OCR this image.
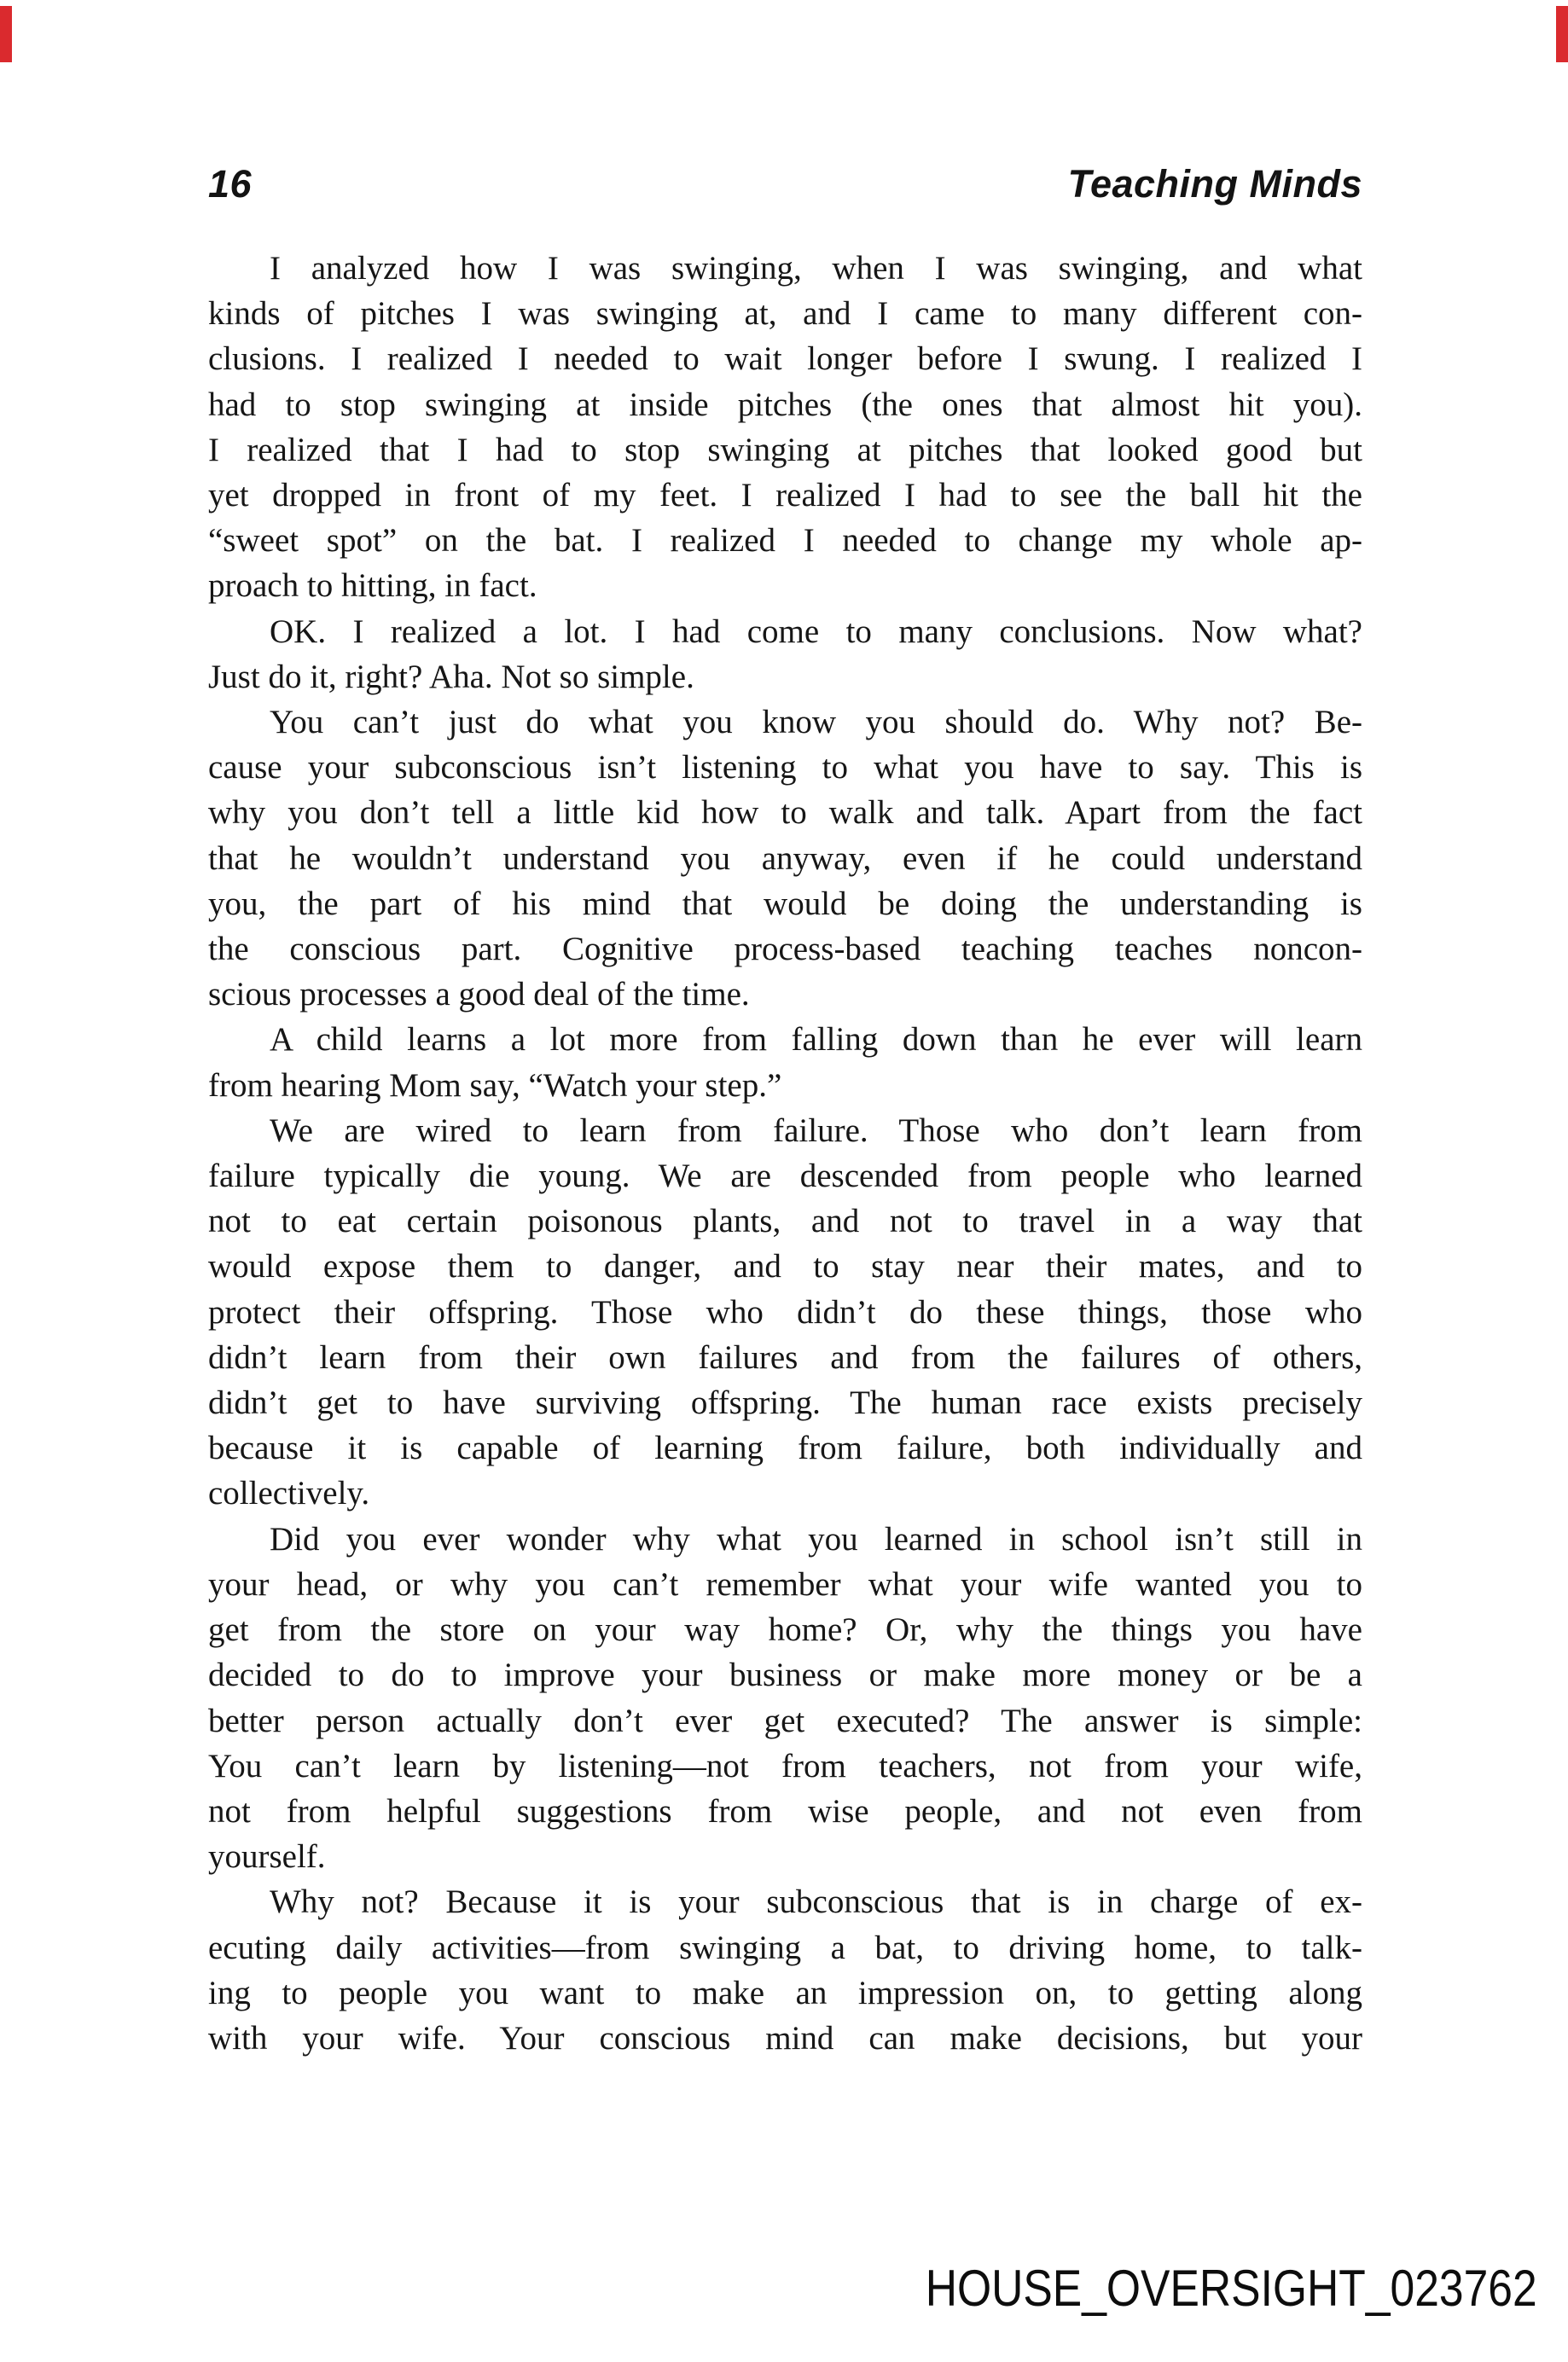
16	Teaching Minds
I analyzed how I was swinging, when I was swinging, and what
kinds of pitches I was swinging at, and I came to many different con-
clusions. I realized I needed to wait longer before I swung. I realized I
had to stop swinging at inside pitches (the ones that almost hit you).
I realized that I had to stop swinging at pitches that looked good but
yet dropped in front of my feet. I realized I had to see the ball hit the
“sweet spot” on the bat. I realized I needed to change my whole ap-
proach to hitting, in fact.
OK. I realized a lot. I had come to many conclusions. Now what?
Just do it, right? Aha. Not so simple.
You can’t just do what you know you should do. Why not? Be-
cause your subconscious isn’t listening to what you have to say. This is
why you don’t tell a little kid how to walk and talk. Apart from the fact
that he wouldn’t understand you anyway, even if he could understand
you, the part of his mind that would be doing the understanding is
the conscious part. Cognitive process-based teaching teaches noncon-
scious processes a good deal of the time.
A child learns a lot more from falling down than he ever will learn
from hearing Mom say, “Watch your step.”
We are wired to learn from failure. Those who don’t learn from
failure typically die young. We are descended from people who learned
not to eat certain poisonous plants, and not to travel in a way that
would expose them to danger, and to stay near their mates, and to
protect their offspring. Those who didn’t do these things, those who
didn’t learn from their own failures and from the failures of others,
didn’t get to have surviving offspring. The human race exists precisely
because it is capable of learning from failure, both individually and
collectively.
Did you ever wonder why what you learned in school isn’t still in
your head, or why you can’t remember what your wife wanted you to
get from the store on your way home? Or, why the things you have
decided to do to improve your business or make more money or be a
better person actually don’t ever get executed? The answer is simple:
You can’t learn by listening—not from teachers, not from your wife,
not from helpful suggestions from wise people, and not even from
yourself.
Why not? Because it is your subconscious that is in charge of ex-
ecuting daily activities—from swinging a bat, to driving home, to talk-
ing to people you want to make an impression on, to getting along
with your wife. Your conscious mind can make decisions, but your
HOUSE_OVERSIGHT_023762
